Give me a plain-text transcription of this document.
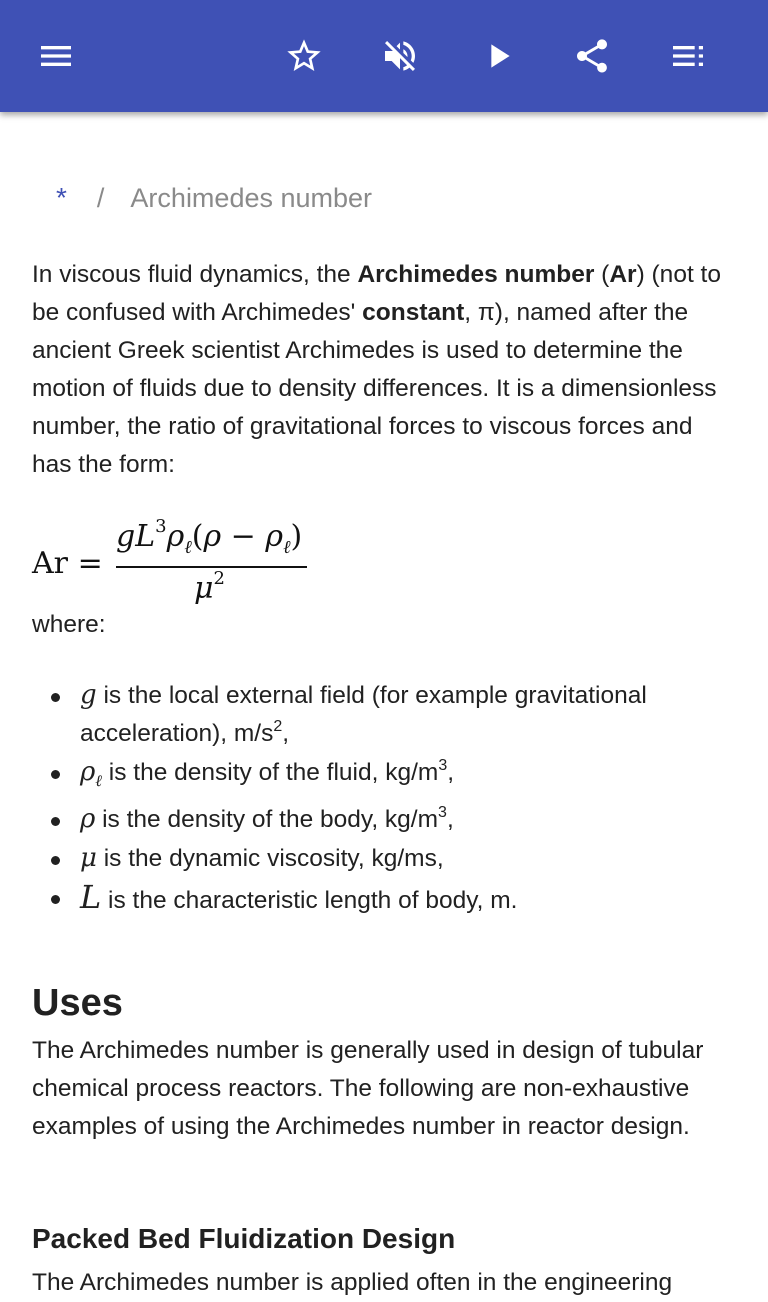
* / Archimedes number

In viscous fluid dynamics, the Archimedes number (Ar) (not to be confused with Archimedes' constant, π), named after the ancient Greek scientist Archimedes is used to determine the motion of fluids due to density differences. It is a dimensionless number, the ratio of gravitational forces to viscous forces and has the form:

Ar =
$gL^3\rho_\ell(\rho - \rho_\ell)$
$\mu^2$

where:

g is the local external field (for example gravitational acceleration), $m/s^2$,
$\rho_\ell$ is the density of the fluid, $kg/m^3$,
ρ is the density of the body, $kg/m^3$,
μ is the dynamic viscosity, kg/ms,
L is the characteristic length of body, m.
Uses

The Archimedes number is generally used in design of tubular chemical process reactors. The following are non-exhaustive examples of using the Archimedes number in reactor design.

Packed Bed Fluidization Design

The Archimedes number is applied often in the engineering
